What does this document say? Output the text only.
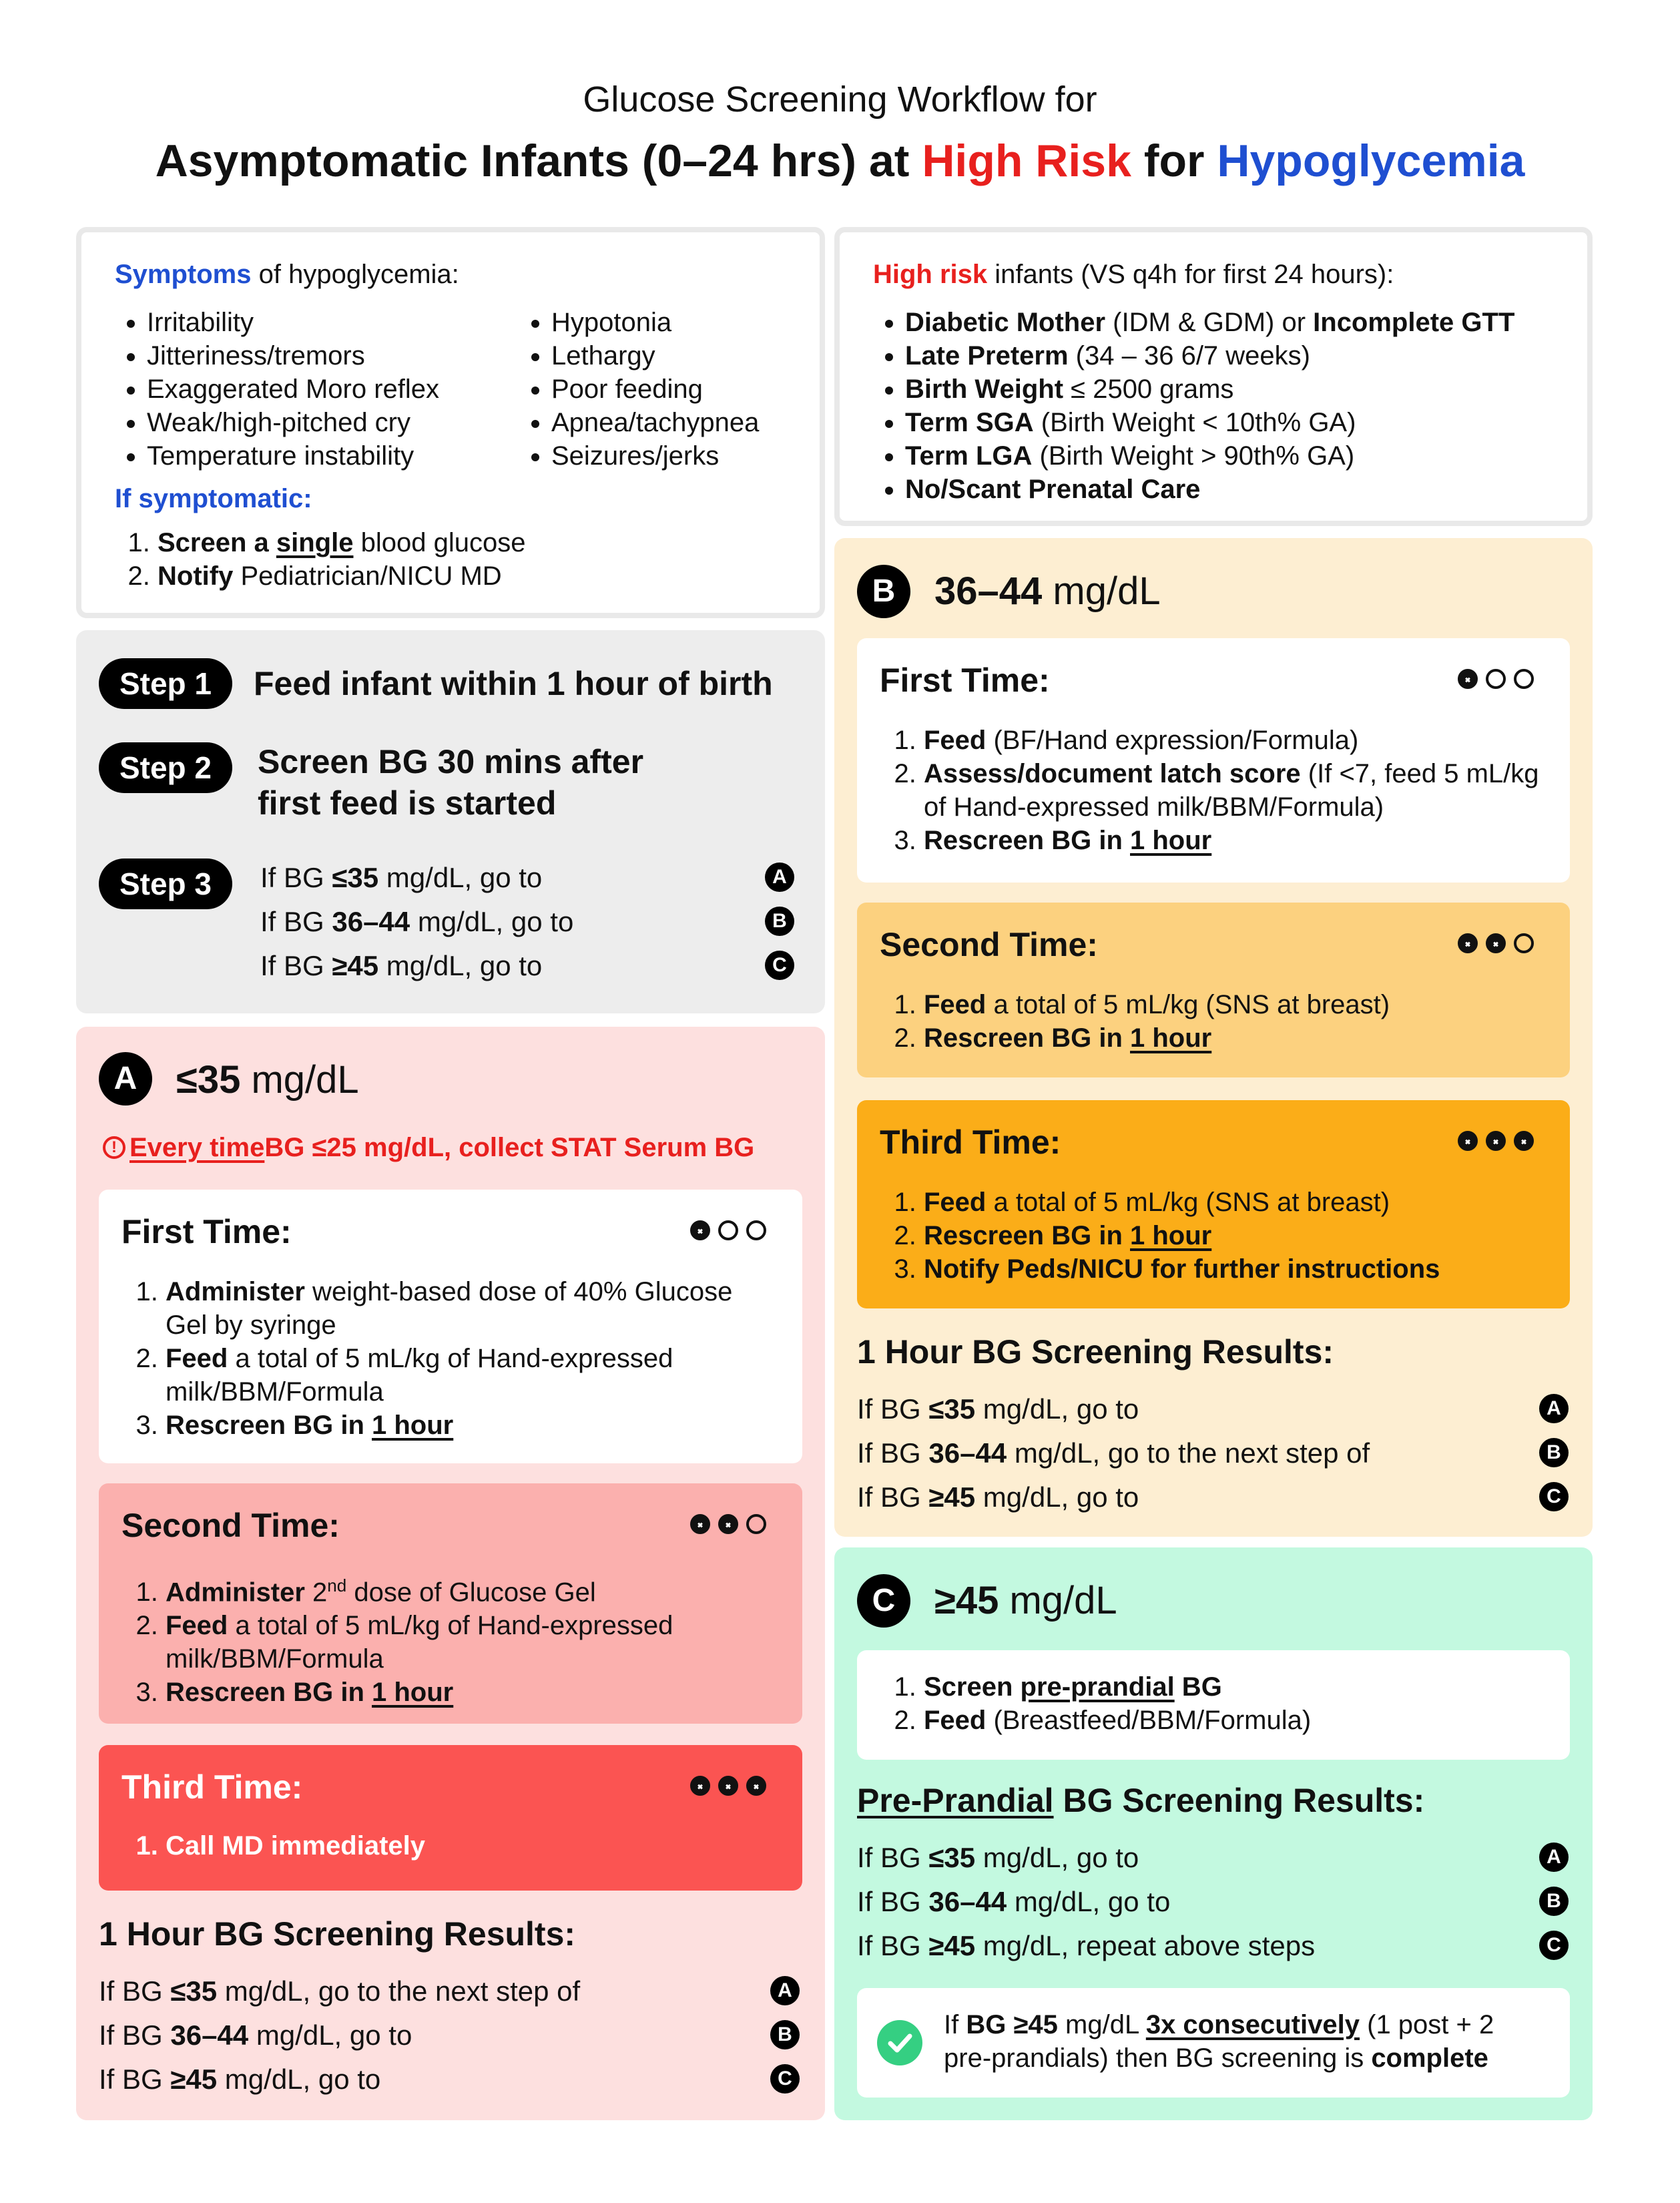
Glucose Screening Workflow for
Asymptomatic Infants (0–24 hrs) at High Risk for Hypoglycemia
Symptoms of hypoglycemia:
• Irritability
• Jitteriness/tremors
• Exaggerated Moro reflex
• Weak/high-pitched cry
• Temperature instability
• Hypotonia
• Lethargy
• Poor feeding
• Apnea/tachypnea
• Seizures/jerks
If symptomatic:
1. Screen a single blood glucose
2. Notify Pediatrician/NICU MD
High risk infants (VS q4h for first 24 hours):
• Diabetic Mother (IDM & GDM) or Incomplete GTT
• Late Preterm (34 – 36 6/7 weeks)
• Birth Weight ≤ 2500 grams
• Term SGA (Birth Weight < 10th% GA)
• Term LGA (Birth Weight > 90th% GA)
• No/Scant Prenatal Care
Step 1	Feed infant within 1 hour of birth
Step 2	Screen BG 30 mins after
first feed is started
Step 3	If BG ≤35 mg/dL, go to	A
If BG 36–44 mg/dL, go to	B
If BG ≥45 mg/dL, go to	C
A	≤35 mg/dL
! Every time BG ≤25 mg/dL, collect STAT Serum BG
First Time:
1. Administer weight-based dose of 40% Glucose Gel by syringe
2. Feed a total of 5 mL/kg of Hand-expressed milk/BBM/Formula
3. Rescreen BG in 1 hour
Second Time:
1. Administer 2nd dose of Glucose Gel
2. Feed a total of 5 mL/kg of Hand-expressed milk/BBM/Formula
3. Rescreen BG in 1 hour
Third Time:
1. Call MD immediately
1 Hour BG Screening Results:
If BG ≤35 mg/dL, go to the next step of	A
If BG 36–44 mg/dL, go to	B
If BG ≥45 mg/dL, go to	C
B	36–44 mg/dL
First Time:
1. Feed (BF/Hand expression/Formula)
2. Assess/document latch score (If <7, feed 5 mL/kg of Hand-expressed milk/BBM/Formula)
3. Rescreen BG in 1 hour
Second Time:
1. Feed a total of 5 mL/kg (SNS at breast)
2. Rescreen BG in 1 hour
Third Time:
1. Feed a total of 5 mL/kg (SNS at breast)
2. Rescreen BG in 1 hour
3. Notify Peds/NICU for further instructions
1 Hour BG Screening Results:
If BG ≤35 mg/dL, go to	A
If BG 36–44 mg/dL, go to the next step of	B
If BG ≥45 mg/dL, go to	C
C	≥45 mg/dL
1. Screen pre-prandial BG
2. Feed (Breastfeed/BBM/Formula)
Pre-Prandial BG Screening Results:
If BG ≤35 mg/dL, go to	A
If BG 36–44 mg/dL, go to	B
If BG ≥45 mg/dL, repeat above steps	C
If BG ≥45 mg/dL 3x consecutively (1 post + 2
pre-prandials) then BG screening is complete
